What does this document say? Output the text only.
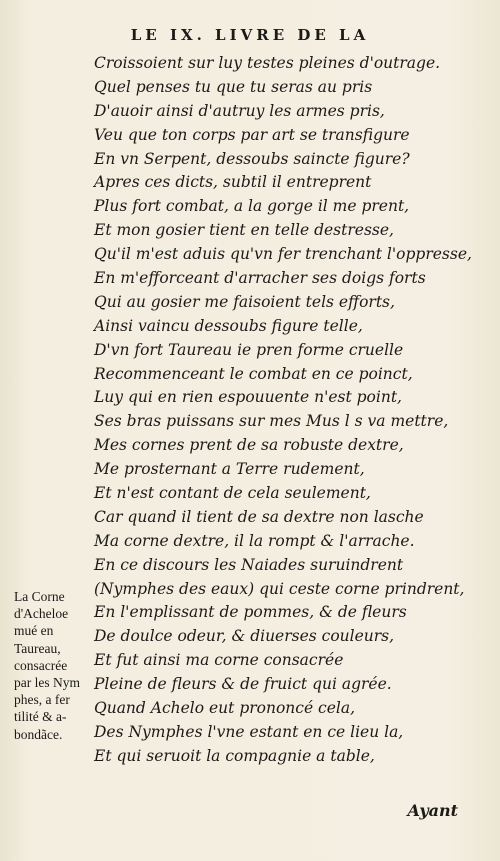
LE IX. LIVRE DE LA
Croissoient sur luy testes pleines d'outrage.
Quel penses tu que tu seras au pris
D'auoir ainsi d'autruy les armes pris,
Veu que ton corps par art se transfigure
En vn Serpent, dessoubs saincte figure?
Apres ces dicts, subtil il entreprent
Plus fort combat, a la gorge il me prent,
Et mon gosier tient en telle destresse,
Qu'il m'est aduis qu'vn fer trenchant l'oppresse,
En m'efforceant d'arracher ses doigs forts
Qui au gosier me faisoient tels efforts,
Ainsi vaincu dessoubs figure telle,
D'vn fort Taureau ie pren forme cruelle
Recommenceant le combat en ce poinct,
Luy qui en rien espouuente n'est point,
Ses bras puissans sur mes Mus l s va mettre,
Mes cornes prent de sa robuste dextre,
Me prosternant a Terre rudement,
Et n'est contant de cela seulement,
Car quand il tient de sa dextre non lasche
Ma corne dextre, il la rompt & l'arrache.
En ce discours les Naiades suruindrent
(Nymphes des eaux) qui ceste corne prindrent,
En l'emplissant de pommes, & de fleurs
De doulce odeur, & diuerses couleurs,
Et fut ainsi ma corne consacrée
Pleine de fleurs & de fruict qui agrée.
Quand Achelo eut prononcé cela,
Des Nymphes l'vne estant en ce lieu la,
Et qui seruoit la compagnie a table,
La Corne
d'Acheloe
mué en
Taureau,
consacrée
par les Nym
phes, a fer
tilité & a-
bondãce.
Ayant
